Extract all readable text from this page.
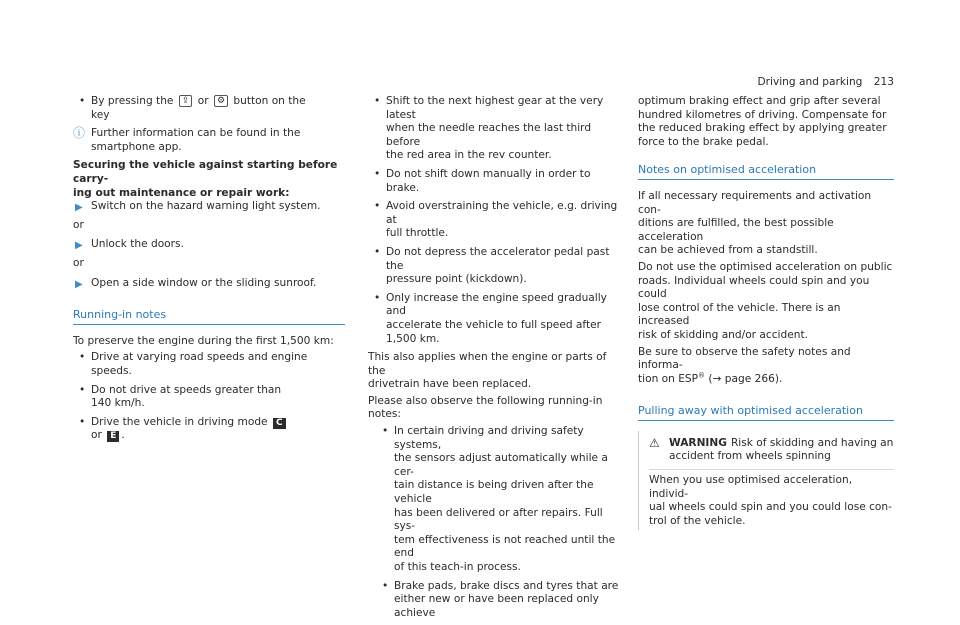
Driving and parking 213
• By pressing the ⇪ or ⚙ button on the
key
ⓘ Further information can be found in the
smartphone app.
Securing the vehicle against starting before carry-
ing out maintenance or repair work:
▶ Switch on the hazard warning light system.
or
▶ Unlock the doors.
or
▶ Open a side window or the sliding sunroof.
Running-in notes
To preserve the engine during the first 1,500 km:
• Drive at varying road speeds and engine
speeds.
• Do not drive at speeds greater than
140 km/h.
• Drive the vehicle in driving mode C
or E .
• Shift to the next highest gear at the very latest
when the needle reaches the last third before
the red area in the rev counter.
• Do not shift down manually in order to brake.
• Avoid overstraining the vehicle, e.g. driving at
full throttle.
• Do not depress the accelerator pedal past the
pressure point (kickdown).
• Only increase the engine speed gradually and
accelerate the vehicle to full speed after
1,500 km.
This also applies when the engine or parts of the
drivetrain have been replaced.
Please also observe the following running-in
notes:
• In certain driving and driving safety systems,
the sensors adjust automatically while a cer-
tain distance is being driven after the vehicle
has been delivered or after repairs. Full sys-
tem effectiveness is not reached until the end
of this teach-in process.
• Brake pads, brake discs and tyres that are
either new or have been replaced only achieve
optimum braking effect and grip after several
hundred kilometres of driving. Compensate for
the reduced braking effect by applying greater
force to the brake pedal.
Notes on optimised acceleration
If all necessary requirements and activation con-
ditions are fulfilled, the best possible acceleration
can be achieved from a standstill.
Do not use the optimised acceleration on public
roads. Individual wheels could spin and you could
lose control of the vehicle. There is an increased
risk of skidding and/or accident.
Be sure to observe the safety notes and informa-
tion on ESP® (→ page 266).
Pulling away with optimised acceleration
⚠ WARNING Risk of skidding and having an
accident from wheels spinning
When you use optimised acceleration, individ-
ual wheels could spin and you could lose con-
trol of the vehicle.
